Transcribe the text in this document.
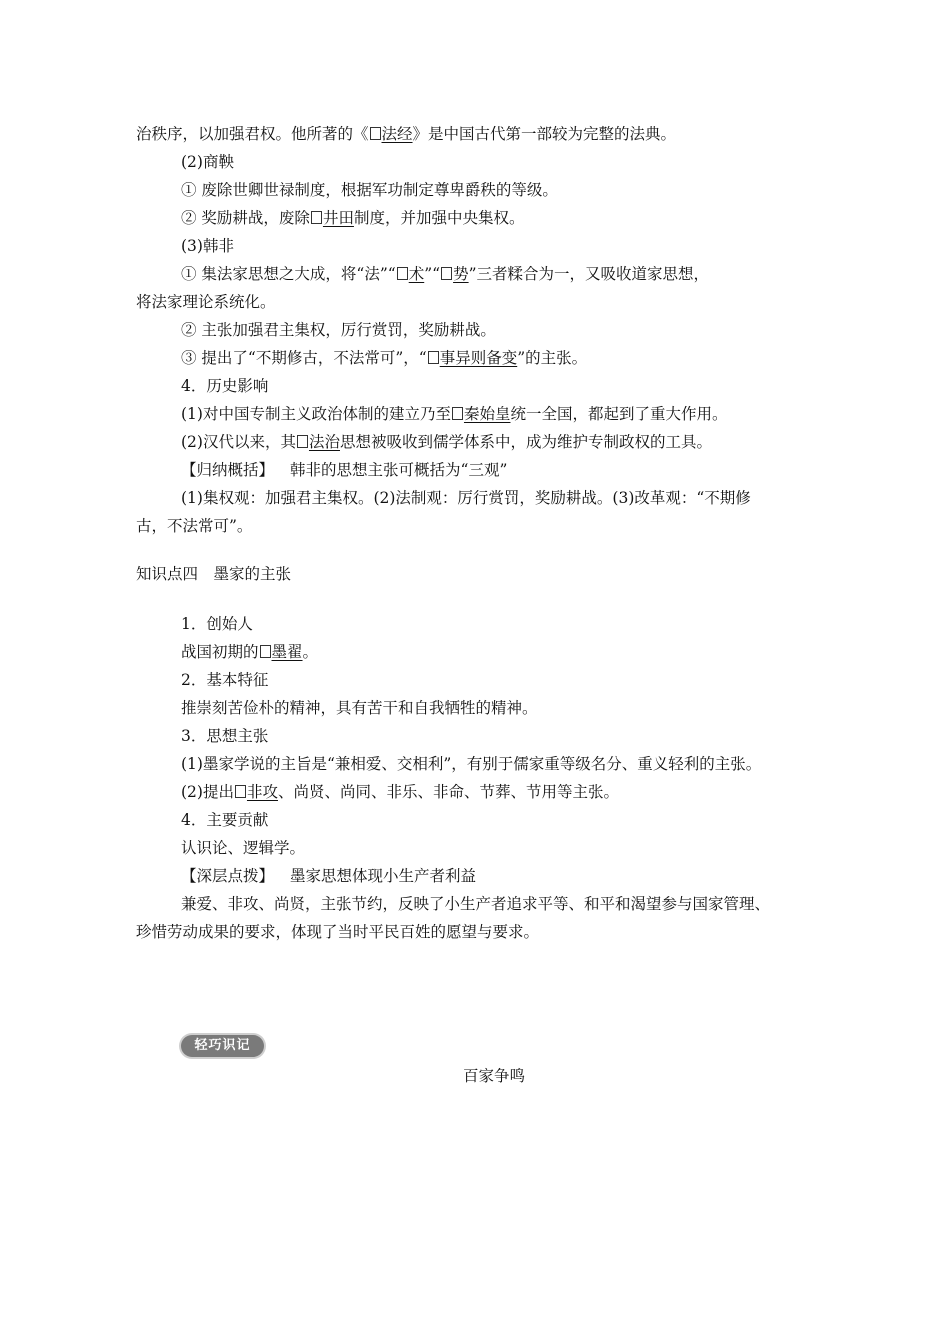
治秩序，以加强君权。他所著的《 法经》是中国古代第一部较为完整的法典。
(2)商鞅
① 废除世卿世禄制度，根据军功制定尊卑爵秩的等级。
② 奖励耕战，废除 井田制度，并加强中央集权。
(3)韩非
① 集法家思想之大成，将“法”“ 术”“ 势”三者糅合为一，又吸收道家思想，
将法家理论系统化。
② 主张加强君主集权，厉行赏罚，奖励耕战。
③ 提出了“不期修古，不法常可”，“ 事异则备变”的主张。
4．历史影响
(1)对中国专制主义政治体制的建立乃至 秦始皇统一全国，都起到了重大作用。
(2)汉代以来，其 法治思想被吸收到儒学体系中，成为维护专制政权的工具。
【归纳概括】 韩非的思想主张可概括为“三观”
(1)集权观：加强君主集权。(2)法制观：厉行赏罚，奖励耕战。(3)改革观：“不期修
古，不法常可”。
知识点四　墨家的主张
1．创始人
战国初期的 墨翟。
2．基本特征
推崇刻苦俭朴的精神，具有苦干和自我牺牲的精神。
3．思想主张
(1)墨家学说的主旨是“兼相爱、交相利”，有别于儒家重等级名分、重义轻利的主张。
(2)提出 非攻、尚贤、尚同、非乐、非命、节葬、节用等主张。
4．主要贡献
认识论、逻辑学。
【深层点拨】 墨家思想体现小生产者利益
兼爱、非攻、尚贤，主张节约，反映了小生产者追求平等、和平和渴望参与国家管理、
珍惜劳动成果的要求，体现了当时平民百姓的愿望与要求。
轻巧识记
百家争鸣
